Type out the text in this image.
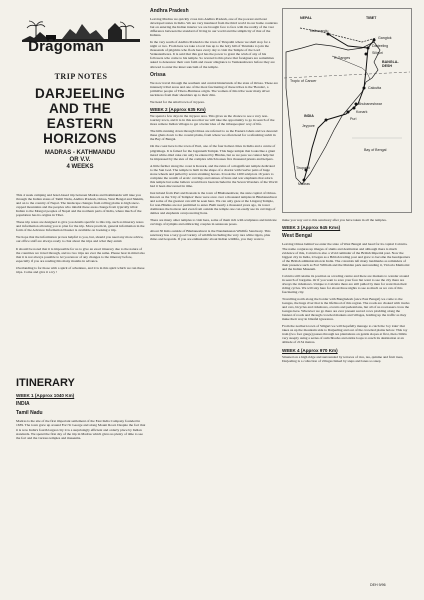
Dragoman
TRIP NOTES
DARJEELING
AND THE
EASTERN
HORIZONS
MADRAS - KATHMANDU
OR V.V.
4 WEEKS

This 4 week camping and hotel-based trip between Madras and Kathmandu will take you through the Indian states of Tamil Nadu, Andhra Pradesh, Orissa, West Bengal and Sikkim, and on to the country of Nepal. The landscape changes from rolling plains to high snow-capped mountains and the peoples who inhabit these areas change from typically tribal Indian to the Mongol peoples of Nepal and the northern parts of India, where much of the population has its origins in Tibet.

These trip notes are designed to give you details specific to this trip, such as itinerary notes and information allowing you to plan for the trip. More practical, general information in the form of the Advance Information Dossier is available on booking a trip.

We hope that the information proves helpful to you, but, should you need any more advice, our office staff are always ready to chat about the trips and what they entail.

It should be noted that it is impossible for us to give an exact itinerary due to the nature of the countries we travel through, and no two trips are ever the same. Please bear in mind also that it is not always possible to let you know of any changes to the itinerary before, especially if you are reading this many months in advance.

Overlanding is for those with a spirit of adventure, and it is in this spirit which we run these trips. Come and give it a try !

ITINERARY
WEEK 1 (Approx 1040 Km)
INDIA
Tamil Nadu

Madras is the site of the first important settlement of the East India Company founded in 1639. The town grew up around Fort St George and along Mount Road. Despite the fact that it is now India's fourth largest city it is a surprisingly efficient and orderly place by Indian standards. We spend the first day of the trip in Madras which gives us plenty of time to see the fort and the various temples and museums.

Andhra Pradesh

Leaving Madras we quickly cross into Andhra Pradesh, one of the poorest and least developed states in India. We are very insulated from the third world in our home countries but on entering the Indian interior we are brought face to face with the reality of the vast difference between the standard of living in our world and the simplicity of that of the Indians.

In the very south of Andhra Pradesh is the town of Tirupathi where we shall stop for a night or two. From here we take a local bus up to the holy hill of Tirumala to join the thousands of pilgrims who flock here every day to visit the Temple of the Lord Venkateshwara. It is said that this god has the power to grant the wish of any of his followers who come to his temple. So revered is this place that foreigners are sometimes asked to denounce their own faith and swear allegiance to Venkateshwara before they are allowed to enter the inner sanctum of the temple.

Orissa

We now travel through the southern and central hinterlands of the state of Orissa. These are intensely tribal areas and one of the most fascinating of these tribes is the 'Bondas', a primitive people of Tibeto-Burmese origin. The women of this tribe wear many silver necklaces from their shoulders up to their chin.

We head for the small town of Jeypore.

WEEK 2 (Approx 635 Km)

We spend a few days in the Jeypore area. This gives us the chance to see a very non-touristy town, and it is in this area that we will take the opportunity to go in search of the more remote Indian villages to get a better idea of the tribespeoples' way of life.

The hills running down through Orissa are referred to as the Eastern Ghats and we descend these ghats down to the coastal plains, from where we often head for a refreshing swim in the Bay of Bengal.

On the coast here is the town of Puri, one of the four holiest cities in India and a centre of pilgrimage. It is famed for the Jagannath Temple. This huge temple that looks like a giant tiered white-tiled cake can only be entered by Hindus, but as we pass we cannot help but be impressed by the size of the complex which houses five thousand priests and helpers.

A little further along the coast is Konark, and the ruins of a magnificent temple dedicated to the Sun God. The temple is built in the shape of a chariot with twelve pairs of huge stone wheels and pulled by seven straining horses. It took the 1200 sculptors 16 years to complete the wealth of erotic carvings and statues of lions and war elephants that adorn this temple but some believe would have been included in the Seven Wonders of the World had it been discovered in time.

Just inland from Puri and Konark is the town of Bhubaneshwar, the state capital of Orissa. Known as the 'City of Temples' there were once over a thousand temples in Bhubaneshwar and some of the greatest can still be seen here. We can only gaze at the Lingaraj Temple, for non-Hindus are not permitted to enter. Built nearly a thousand years ago, its tower dominates the horizon and even from outside the temple one can easily see its carvings of deities and elephants overpowering lions.

There are many other temples to visit here, some of them rich with sculptures and intricate carvings of nymphs and embracing couples in sensuous poses.

About 30 Kms outside of Bhubaneshwar is the Nandankanan Wildlife Sanctuary. This sanctuary has a very good variety of wildlife including the very rare white tigers, plus rhino and leopards. If you are enthusiastic about Indian wildlife, you may want to

NEPAL	TIBET
Kathmandu
Gangtok
Darjeeling
Siliguri
R.Ganges
BANGLA-
DESH
Tropic of Cancer
Calcutta
INDIA
Bhubaneshwar
Konark
Puri
Jeypore
Bay of Bengal
Tirupathi
Madras

make you way out to this sanctuary after you have taken in all the temples.

WEEK 3 (Approx 945 Kms)
West Bengal

Leaving Orissa behind we enter the state of West Bengal and head for its capital Calcutta. The name conjures up images of slums and destitution and although there is much evidence of this, Calcutta is also a vivid reminder of the British Imperial past. Now the biggest city in India, it began as a British trading post and grew to become the headquarters of the British administration in India. The colonials left many landmarks as reminders of their presence such as Fort William and the Maidan park surrounding it, Victoria Memorial and the Indian Museum.

Calcutta still retains its position as a trading centre and there are markets to wander around in search of bargains. Or if you want to save your face but want to see the city there are always the rickshaws. Unique to Calcutta there are still pulled by men for want than their riding cycles. We will stay here for about three nights to see as much as we can of this fascinating city.

Travelling north along the border with Bangladesh (once East Bengal) we come to the Ganges, the huge river that is the lifeblood of this region. The roads are choked with trucks and cars, bicycles and rickshaws, oxcarts and pedestrians, but all of us road-users cross the Ganges here. Wherever we go there are ever present sacred cows plodding along the busiest of roads and through crowded markets and villages, holding up the traffic as they make their way in blissful ignorance.

From the northern town of Siliguri we will hopefully manage to catch the 'toy train' that takes us up the mountain side to Darjeeling and out of the crowded plains below. This toy train (two foot gauge) passes through tea plantations on gentle slopes at first, then climbs very steeply using a series of switchbacks and entire loops to reach its destination at an altitude of 2134 metres.

WEEK 4 (Approx 970 Km)

Situated on a high ridge and surrounded by terraces of rice, tea, quinine and fruit trees, Darjeeling is a collection of villages linked by steps and lanes so steep

DEH 9/96
